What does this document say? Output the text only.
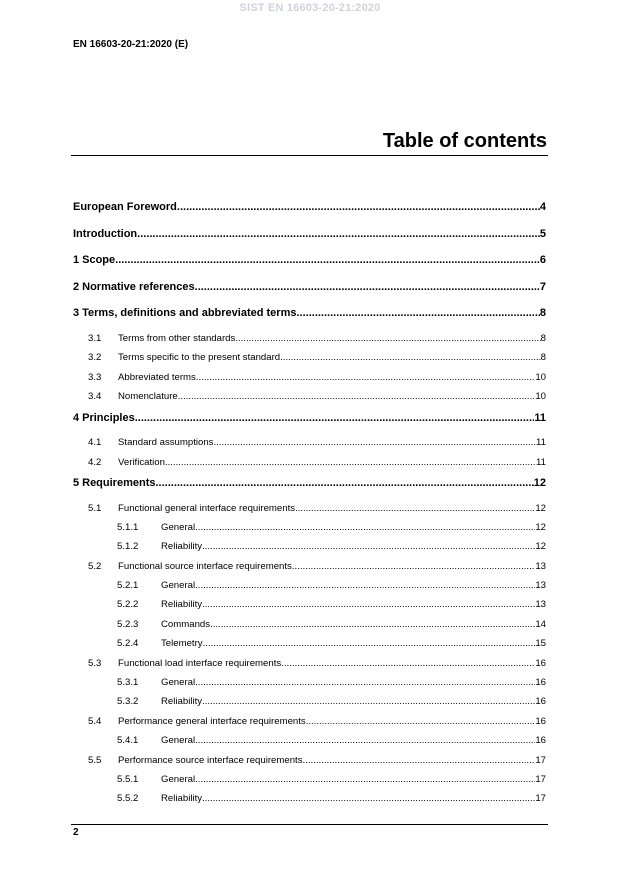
SIST EN 16603-20-21:2020
EN 16603-20-21:2020 (E)
Table of contents
European Foreword .....	4
Introduction .....	5
1 Scope .....	6
2 Normative references .....	7
3 Terms, definitions and abbreviated terms .....	8
3.1	Terms from other standards .....	8
3.2	Terms specific to the present standard .....	8
3.3	Abbreviated terms .....	10
3.4	Nomenclature .....	10
4 Principles .....	11
4.1	Standard assumptions .....	11
4.2	Verification .....	11
5 Requirements .....	12
5.1	Functional general interface requirements .....	12
5.1.1	General .....	12
5.1.2	Reliability .....	12
5.2	Functional source interface requirements .....	13
5.2.1	General .....	13
5.2.2	Reliability .....	13
5.2.3	Commands .....	14
5.2.4	Telemetry .....	15
5.3	Functional load interface requirements .....	16
5.3.1	General .....	16
5.3.2	Reliability .....	16
5.4	Performance general interface requirements .....	16
5.4.1	General .....	16
5.5	Performance source interface requirements .....	17
5.5.1	General .....	17
5.5.2	Reliability .....	17
2
